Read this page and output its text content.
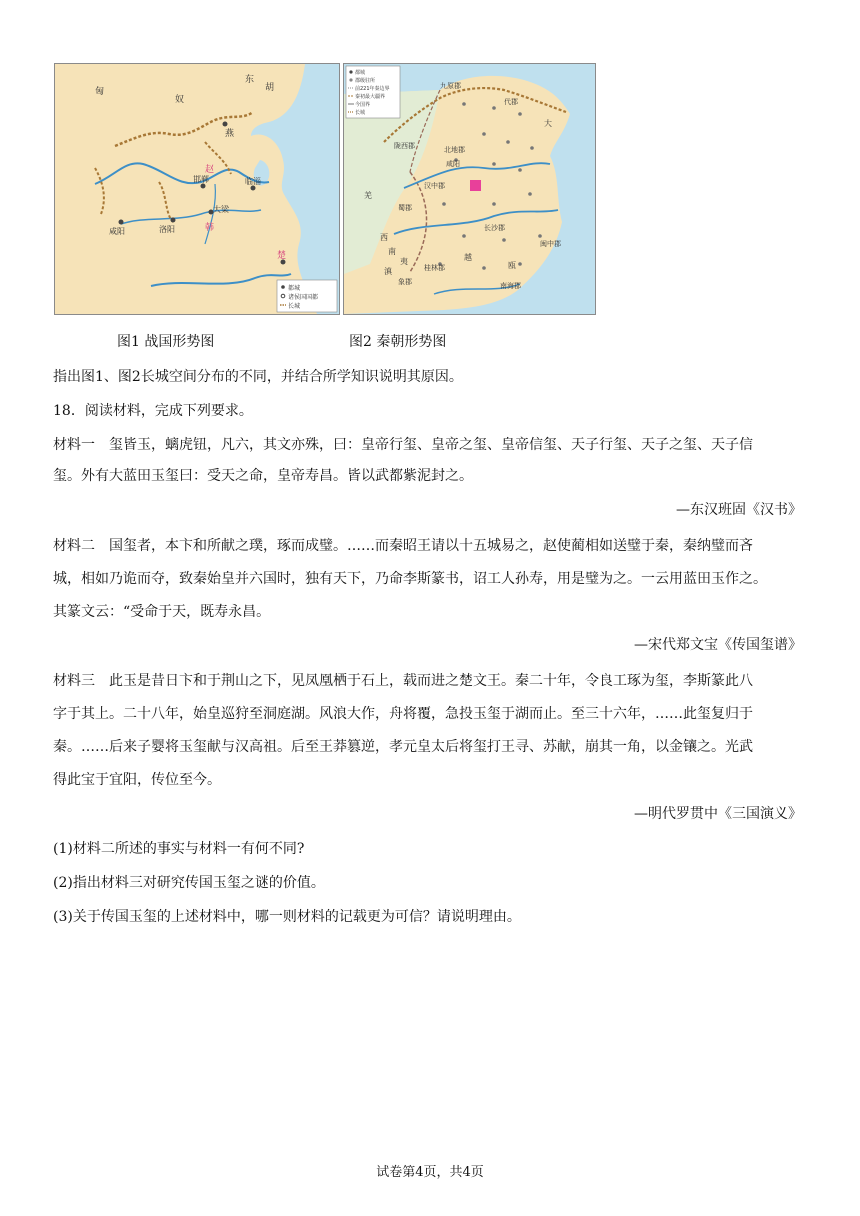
东
匈
奴
胡
赵
邯郸	临淄
大梁
洛阳
咸阳
楚
燕
韩
都城
诸侯国国都
长城
都城
郡级驻所
前221年秦边界
秦初最大疆界
今国界
长城
九原郡
陇西郡	北地郡
代郡
咸阳
汉中郡
蜀郡
长沙郡
闽中郡
桂林郡
象郡	南海郡
羌
西
南
夷
滇
越
瓯
大
图1 战国形势图	图2 秦朝形势图
指出图1、图2长城空间分布的不同，并结合所学知识说明其原因。
18．阅读材料，完成下列要求。
材料一　玺皆玉，螭虎钮，凡六，其文亦殊，曰：皇帝行玺、皇帝之玺、皇帝信玺、天子行玺、天子之玺、天子信
玺。外有大蓝田玉玺曰：受天之命，皇帝寿昌。皆以武都紫泥封之。
—东汉班固《汉书》
材料二　国玺者，本卞和所献之璞，琢而成璧。……而秦昭王请以十五城易之，赵使蔺相如送璧于秦，秦纳璧而吝
城，相如乃诡而夺，致秦始皇并六国时，独有天下，乃命李斯篆书，诏工人孙寿，用是璧为之。一云用蓝田玉作之。
其篆文云：“受命于天，既寿永昌。
—宋代郑文宝《传国玺谱》
材料三　此玉是昔日卞和于荆山之下，见凤凰栖于石上，载而进之楚文王。秦二十年，令良工琢为玺，李斯篆此八
字于其上。二十八年，始皇巡狩至洞庭湖。风浪大作，舟将覆，急投玉玺于湖而止。至三十六年，……此玺复归于
秦。……后来子婴将玉玺献与汉高祖。后至王莽篡逆，孝元皇太后将玺打王寻、苏献，崩其一角，以金镶之。光武
得此宝于宜阳，传位至今。
—明代罗贯中《三国演义》
(1)材料二所述的事实与材料一有何不同?
(2)指出材料三对研究传国玉玺之谜的价值。
(3)关于传国玉玺的上述材料中，哪一则材料的记载更为可信？请说明理由。
试卷第4页，共4页
